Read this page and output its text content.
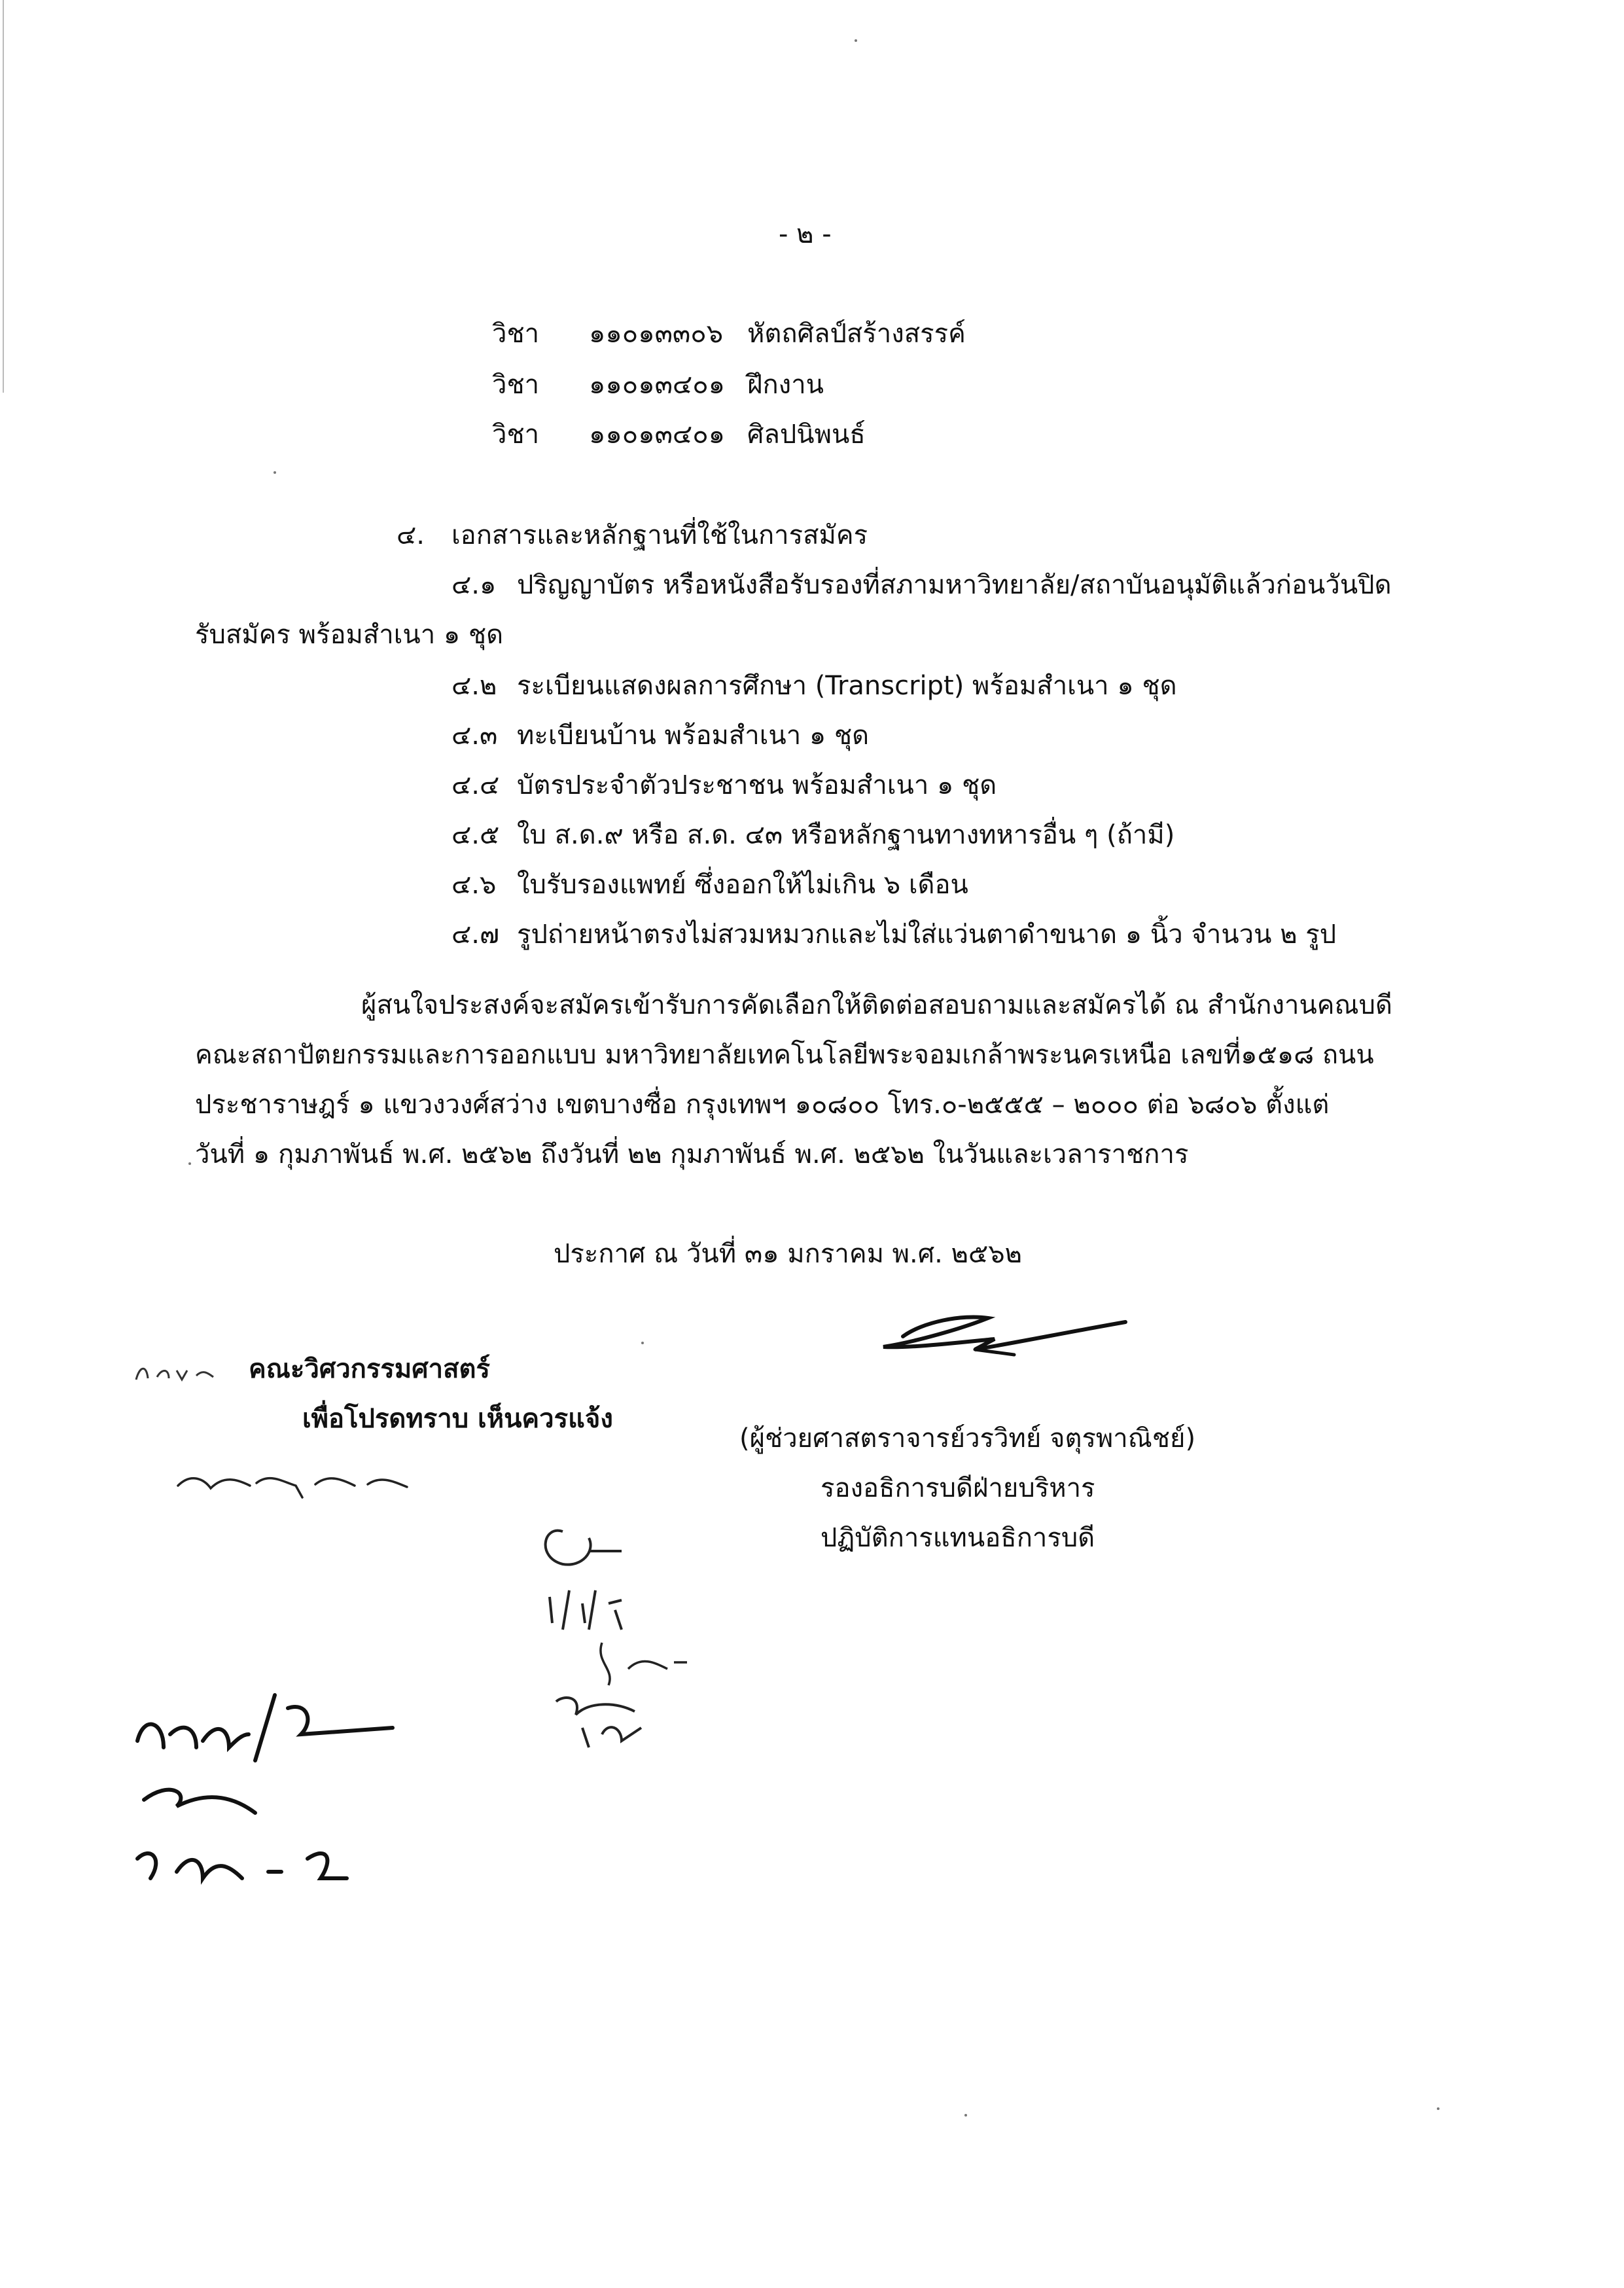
- ๒ -
วิชา ๑๑๐๑๓๓๐๖ หัตถศิลป์สร้างสรรค์
วิชา ๑๑๐๑๓๔๐๑ ฝึกงาน
วิชา ๑๑๐๑๓๔๐๑ ศิลปนิพนธ์
๔. เอกสารและหลักฐานที่ใช้ในการสมัคร
๔.๑ ปริญญาบัตร หรือหนังสือรับรองที่สภามหาวิทยาลัย/สถาบันอนุมัติแล้วก่อนวันปิด
รับสมัคร พร้อมสำเนา ๑ ชุด
๔.๒ ระเบียนแสดงผลการศึกษา (Transcript) พร้อมสำเนา ๑ ชุด
๔.๓ ทะเบียนบ้าน พร้อมสำเนา ๑ ชุด
๔.๔ บัตรประจำตัวประชาชน พร้อมสำเนา ๑ ชุด
๔.๕ ใบ ส.ด.๙ หรือ ส.ด. ๔๓ หรือหลักฐานทางทหารอื่น ๆ (ถ้ามี)
๔.๖ ใบรับรองแพทย์ ซึ่งออกให้ไม่เกิน ๖ เดือน
๔.๗ รูปถ่ายหน้าตรงไม่สวมหมวกและไม่ใส่แว่นตาดำขนาด ๑ นิ้ว จำนวน ๒ รูป
ผู้สนใจประสงค์จะสมัครเข้ารับการคัดเลือกให้ติดต่อสอบถามและสมัครได้ ณ สำนักงานคณบดี
คณะสถาปัตยกรรมและการออกแบบ มหาวิทยาลัยเทคโนโลยีพระจอมเกล้าพระนครเหนือ เลขที่๑๕๑๘ ถนน
ประชาราษฎร์ ๑ แขวงวงศ์สว่าง เขตบางซื่อ กรุงเทพฯ ๑๐๘๐๐ โทร.๐-๒๕๕๕ – ๒๐๐๐ ต่อ ๖๘๐๖ ตั้งแต่
วันที่ ๑ กุมภาพันธ์ พ.ศ. ๒๕๖๒ ถึงวันที่ ๒๒ กุมภาพันธ์ พ.ศ. ๒๕๖๒ ในวันและเวลาราชการ
ประกาศ ณ วันที่ ๓๑ มกราคม พ.ศ. ๒๕๖๒
(ผู้ช่วยศาสตราจารย์วรวิทย์ จตุรพาณิชย์)
รองอธิการบดีฝ่ายบริหาร
ปฏิบัติการแทนอธิการบดี
คณะวิศวกรรมศาสตร์
เพื่อโปรดทราบ เห็นควรแจ้ง
